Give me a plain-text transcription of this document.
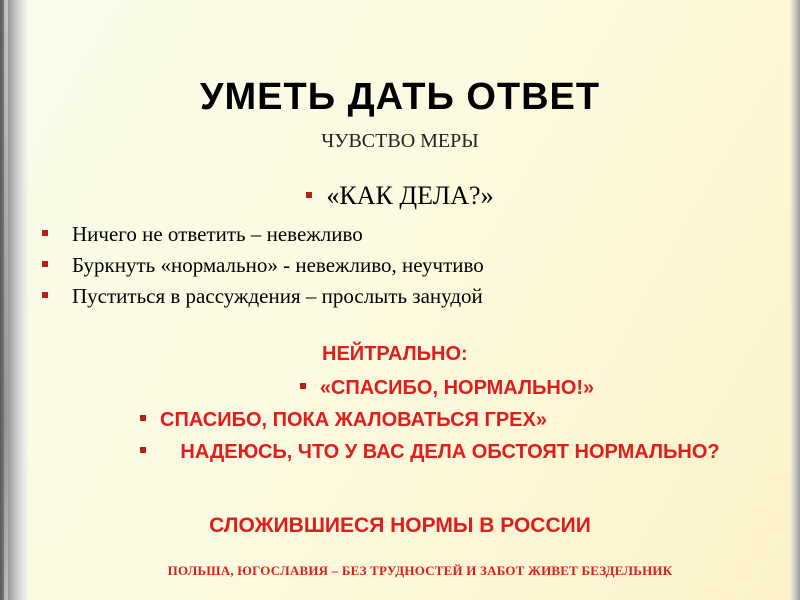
УМЕТЬ ДАТЬ ОТВЕТ
ЧУВСТВО МЕРЫ
«КАК ДЕЛА?»
Ничего не ответить – невежливо
Буркнуть «нормально» - невежливо, неучтиво
Пуститься в рассуждения – прослыть занудой
НЕЙТРАЛЬНО:
«СПАСИБО, НОРМАЛЬНО!»
СПАСИБО, ПОКА ЖАЛОВАТЬСЯ ГРЕХ»
НАДЕЮСЬ, ЧТО У ВАС ДЕЛА ОБСТОЯТ НОРМАЛЬНО?
СЛОЖИВШИЕСЯ НОРМЫ В РОССИИ
ПОЛЬША, ЮГОСЛАВИЯ – БЕЗ ТРУДНОСТЕЙ И ЗАБОТ ЖИВЕТ БЕЗДЕЛЬНИК
